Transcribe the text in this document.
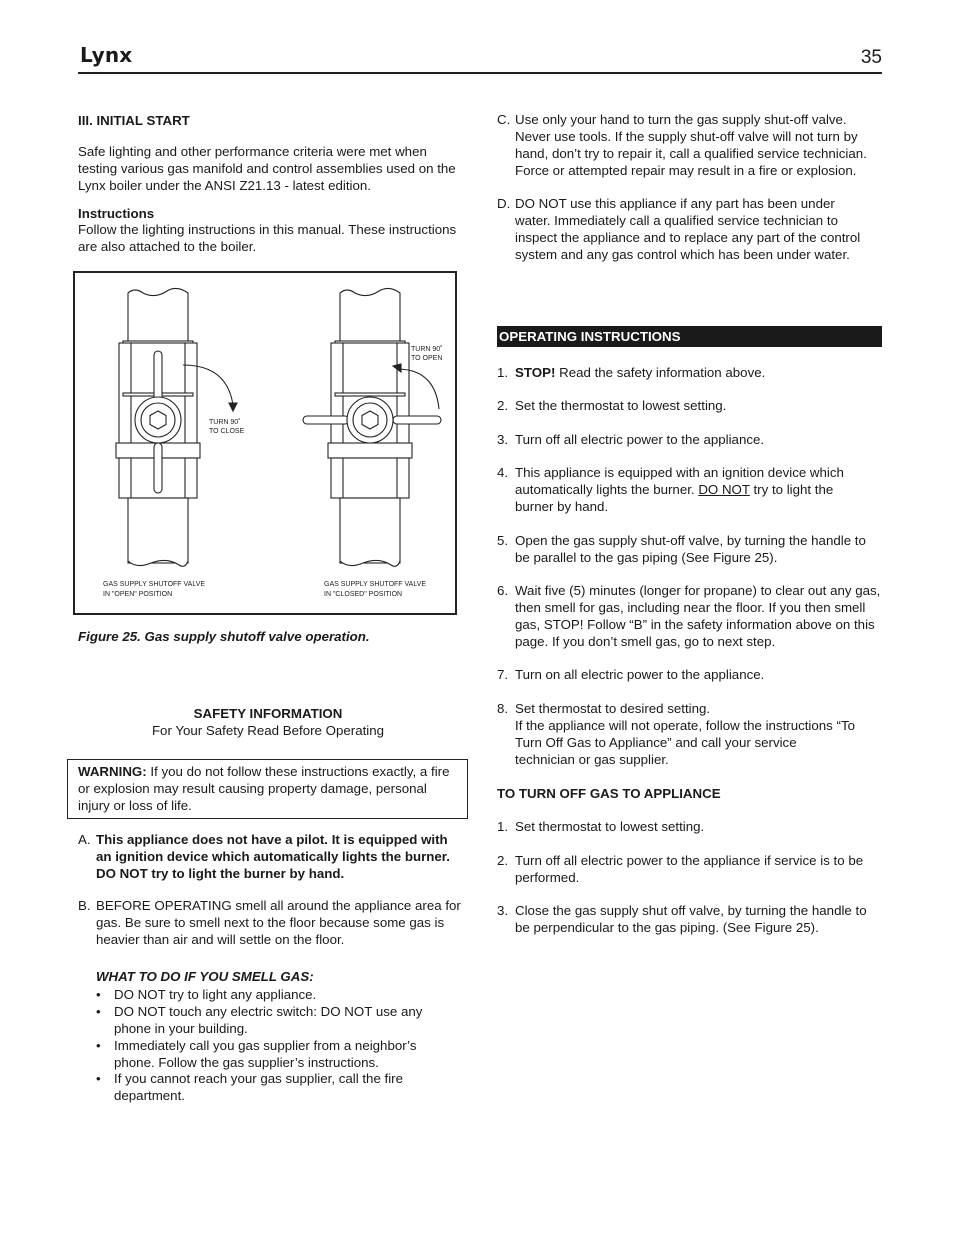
Lynx	35
III. INITIAL START
Safe lighting and other performance criteria were met when testing various gas manifold and control assemblies used on the Lynx boiler under the ANSI Z21.13 - latest edition.
Instructions
Follow the lighting instructions in this manual. These instructions are also attached to the boiler.
TURN 90˚
TO CLOSE
TURN 90˚
TO OPEN
GAS SUPPLY SHUTOFF VALVE
IN "OPEN" POSITION
GAS SUPPLY SHUTOFF VALVE
IN "CLOSED" POSITION
Figure 25. Gas supply shutoff valve operation.
SAFETY INFORMATION
For Your Safety Read Before Operating
WARNING: If you do not follow these instructions exactly, a fire or explosion may result causing property damage, personal injury or loss of life.
A. This appliance does not have a pilot. It is equipped with an ignition device which automatically lights the burner. DO NOT try to light the burner by hand.
B. BEFORE OPERATING smell all around the appliance area for gas. Be sure to smell next to the floor because some gas is heavier than air and will settle on the floor.
WHAT TO DO IF YOU SMELL GAS:
• DO NOT try to light any appliance.
• DO NOT touch any electric switch: DO NOT use any phone in your building.
• Immediately call you gas supplier from a neighbor’s phone. Follow the gas supplier’s instructions.
• If you cannot reach your gas supplier, call the fire department.
C. Use only your hand to turn the gas supply shut-off valve. Never use tools. If the supply shut-off valve will not turn by hand, don’t try to repair it, call a qualified service technician. Force or attempted repair may result in a fire or explosion.
D. DO NOT use this appliance if any part has been under water. Immediately call a qualified service technician to inspect the appliance and to replace any part of the control system and any gas control which has been under water.
OPERATING INSTRUCTIONS
1. STOP! Read the safety information above.
2. Set the thermostat to lowest setting.
3. Turn off all electric power to the appliance.
4. This appliance is equipped with an ignition device which automatically lights the burner. DO NOT try to light the burner by hand.
5. Open the gas supply shut-off valve, by turning the handle to be parallel to the gas piping (See Figure 25).
6. Wait five (5) minutes (longer for propane) to clear out any gas, then smell for gas, including near the floor. If you then smell gas, STOP! Follow “B” in the safety information above on this page. If you don’t smell gas, go to next step.
7. Turn on all electric power to the appliance.
8. Set thermostat to desired setting.
If the appliance will not operate, follow the instructions “To Turn Off Gas to Appliance” and call your service technician or gas supplier.
TO TURN OFF GAS TO APPLIANCE
1. Set thermostat to lowest setting.
2. Turn off all electric power to the appliance if service is to be performed.
3. Close the gas supply shut off valve, by turning the handle to be perpendicular to the gas piping. (See Figure 25).
